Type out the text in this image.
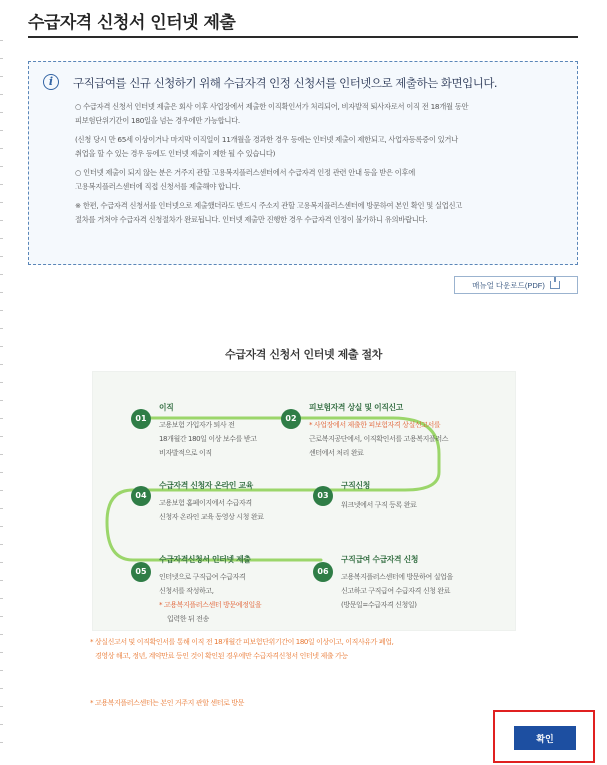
수급자격 신청서 인터넷 제출
i	구직급여를 신규 신청하기 위해 수급자격 인정 신청서를 인터넷으로 제출하는 화면입니다.

○ 수급자격 신청서 인터넷 제출은 회사 이후 사업장에서 제출한 이직확인서가 처리되어, 비자발적 퇴사자로서 이직 전 18개월 동안
피보험단위기간이 180일을 넘는 경우에만 가능합니다.

(신청 당시 만 65세 이상이거나 마지막 이직일이 11개월을 경과한 경우 등에는 인터넷 제출이 제한되고, 사업자등록증이 있거나
취업을 할 수 있는 경우 등에도 인터넷 제출이 제한 될 수 있습니다)

○ 인터넷 제출이 되지 않는 분은 거주지 관할 고용복지플러스센터에서 수급자격 인정 관련 안내 등을 받은 이후에
고용복지플러스센터에 직접 신청서를 제출해야 합니다.

※ 한편, 수급자격 신청서를 인터넷으로 제출했더라도 반드시 주소지 관할 고용복지플러스센터에 방문하여 본인 확인 및 실업신고
절차를 거쳐야 수급자격 신청절차가 완료됩니다. 인터넷 제출만 진행한 경우 수급자격 인정이 불가하니 유의바랍니다.

매뉴얼 다운로드(PDF)
수급자격 신청서 인터넷 제출 절차
01
이직
고용보험 가입자가 퇴사 전
18개월간 180일 이상 보수를 받고
비자발적으로 이직
02
피보험자격 상실 및 이직신고
* 사업장에서 제출한 피보험자격 상실신고서를
근로복지공단에서, 이직확인서를 고용복지플러스
센터에서 처리 완료
04
수급자격 신청자 온라인 교육
고용보험 홈페이지에서 수급자격
신청자 온라인 교육 동영상 시청 완료
03
구직신청
워크넷에서 구직 등록 완료
05
수급자격신청서 인터넷 제출
인터넷으로 구직급여 수급자격
신청서를 작성하고,
* 고용복지플러스센터 방문예정일을
입력한 뒤 전송
06
구직급여 수급자격 신청
고용복지플러스센터에 방문하여 실업을
신고하고 구직급여 수급자격 신청 완료
(방문일=수급자격 신청일)
* 상실신고서 및 이직확인서를 통해 이직 전 18개월간 피보험단위기간이 180일 이상이고, 이직사유가 폐업,
경영상 해고, 정년, 계약만료 등인 것이 확인된 경우에만 수급자격신청서 인터넷 제출 가능
* 고용복지플러스센터는 본인 거주지 관할 센터로 방문
확인
